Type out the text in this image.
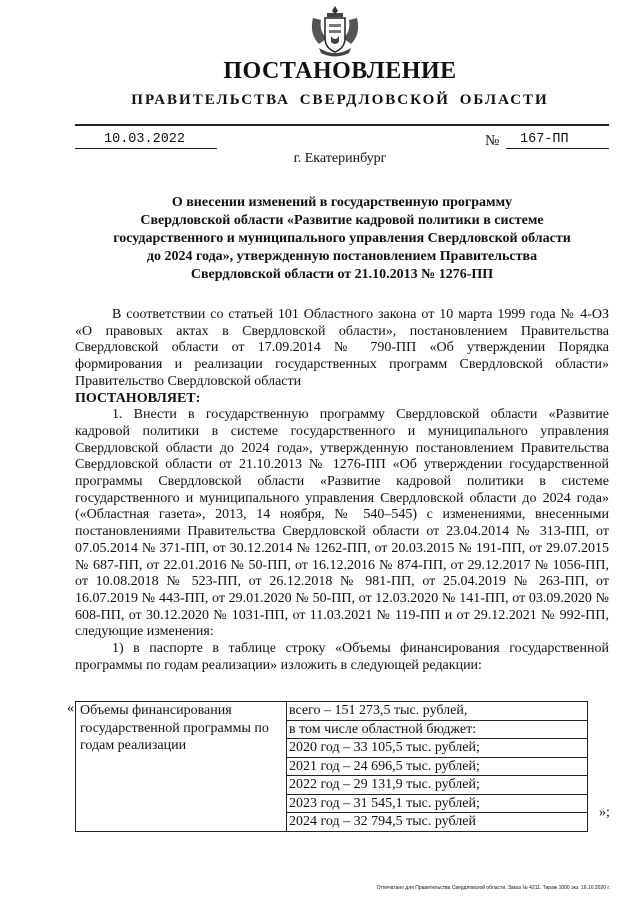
ПОСТАНОВЛЕНИЕ
ПРАВИТЕЛЬСТВА СВЕРДЛОВСКОЙ ОБЛАСТИ
10.03.2022	№ 167-ПП
г. Екатеринбург
О внесении изменений в государственную программу
Свердловской области «Развитие кадровой политики в системе
государственного и муниципального управления Свердловской области
до 2024 года», утвержденную постановлением Правительства
Свердловской области от 21.10.2013 № 1276-ПП

В соответствии со статьей 101 Областного закона от 10 марта 1999 года № 4-ОЗ «О правовых актах в Свердловской области», постановлением Правительства Свердловской области от 17.09.2014 № 790-ПП «Об утверждении Порядка формирования и реализации государственных программ Свердловской области» Правительство Свердловской области

ПОСТАНОВЛЯЕТ:

1. Внести в государственную программу Свердловской области «Развитие кадровой политики в системе государственного и муниципального управления Свердловской области до 2024 года», утвержденную постановлением Правительства Свердловской области от 21.10.2013 № 1276-ПП «Об утверждении государственной программы Свердловской области «Развитие кадровой политики в системе государственного и муниципального управления Свердловской области до 2024 года» («Областная газета», 2013, 14 ноября, № 540–545) с изменениями, внесенными постановлениями Правительства Свердловской области от 23.04.2014 № 313-ПП, от 07.05.2014 № 371-ПП, от 30.12.2014 № 1262-ПП, от 20.03.2015 № 191-ПП, от 29.07.2015 № 687-ПП, от 22.01.2016 № 50-ПП, от 16.12.2016 № 874-ПП, от 29.12.2017 № 1056-ПП, от 10.08.2018 № 523-ПП, от 26.12.2018 № 981-ПП, от 25.04.2019 № 263-ПП, от 16.07.2019 № 443-ПП, от 29.01.2020 № 50-ПП, от 12.03.2020 № 141-ПП, от 03.09.2020 № 608-ПП, от 30.12.2020 № 1031-ПП, от 11.03.2021 № 119-ПП и от 29.12.2021 № 992-ПП, следующие изменения:

1) в паспорте в таблице строку «Объемы финансирования государственной программы по годам реализации» изложить в следующей редакции:

« Объемы финансирования государственной программы по годам реализации	
всего – 151 273,5 тыс. рублей,
в том числе областной бюджет:
2020 год – 33 105,5 тыс. рублей;
2021 год – 24 696,5 тыс. рублей;
2022 год – 29 131,9 тыс. рублей;
2023 год – 31 545,1 тыс. рублей;
2024 год – 32 794,5 тыс. рублей
»;
Отпечатано для Правительства Свердловской области. Заказ № 4211. Тираж 1000 экз. 16.10.2020 г.
